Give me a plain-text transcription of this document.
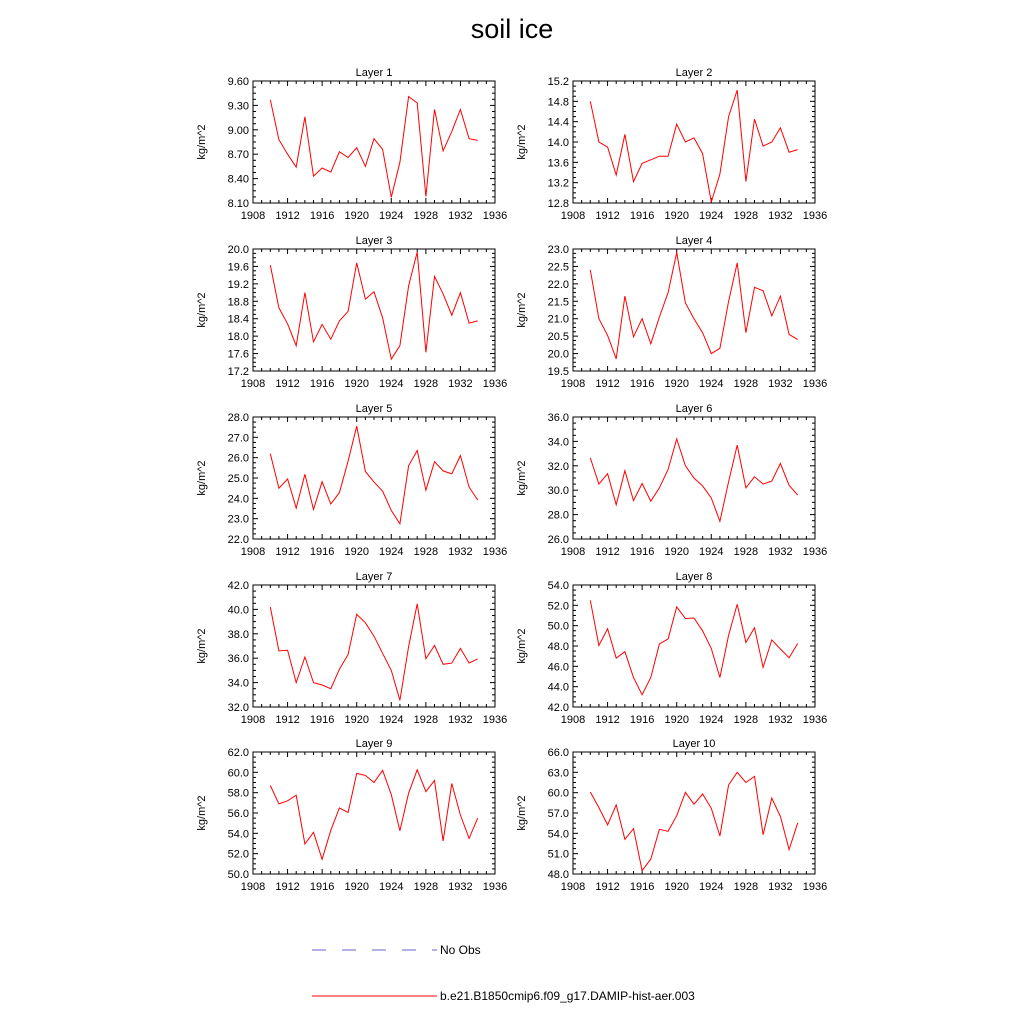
soil ice
Layer 1
kg/m^2
1908 1912 1916 1920 1924 1928 1932 1936
8.10
8.40
8.70
9.00
9.30
9.60
Layer 2
kg/m^2
1908 1912 1916 1920 1924 1928 1932 1936
12.8
13.2
13.6
14.0
14.4
14.8
15.2
Layer 3
kg/m^2
1908 1912 1916 1920 1924 1928 1932 1936
17.2
17.6
18.0
18.4
18.8
19.2
19.6
20.0
Layer 4
kg/m^2
1908 1912 1916 1920 1924 1928 1932 1936
19.5
20.0
20.5
21.0
21.5
22.0
22.5
23.0
Layer 5
kg/m^2
1908 1912 1916 1920 1924 1928 1932 1936
22.0
23.0
24.0
25.0
26.0
27.0
28.0
Layer 6
kg/m^2
1908 1912 1916 1920 1924 1928 1932 1936
26.0
28.0
30.0
32.0
34.0
36.0
Layer 7
kg/m^2
1908 1912 1916 1920 1924 1928 1932 1936
32.0
34.0
36.0
38.0
40.0
42.0
Layer 8
kg/m^2
1908 1912 1916 1920 1924 1928 1932 1936
42.0
44.0
46.0
48.0
50.0
52.0
54.0
Layer 9
kg/m^2
1908 1912 1916 1920 1924 1928 1932 1936
50.0
52.0
54.0
56.0
58.0
60.0
62.0
Layer 10
kg/m^2
1908 1912 1916 1920 1924 1928 1932 1936
48.0
51.0
54.0
57.0
60.0
63.0
66.0
No Obs
b.e21.B1850cmip6.f09_g17.DAMIP-hist-aer.003
